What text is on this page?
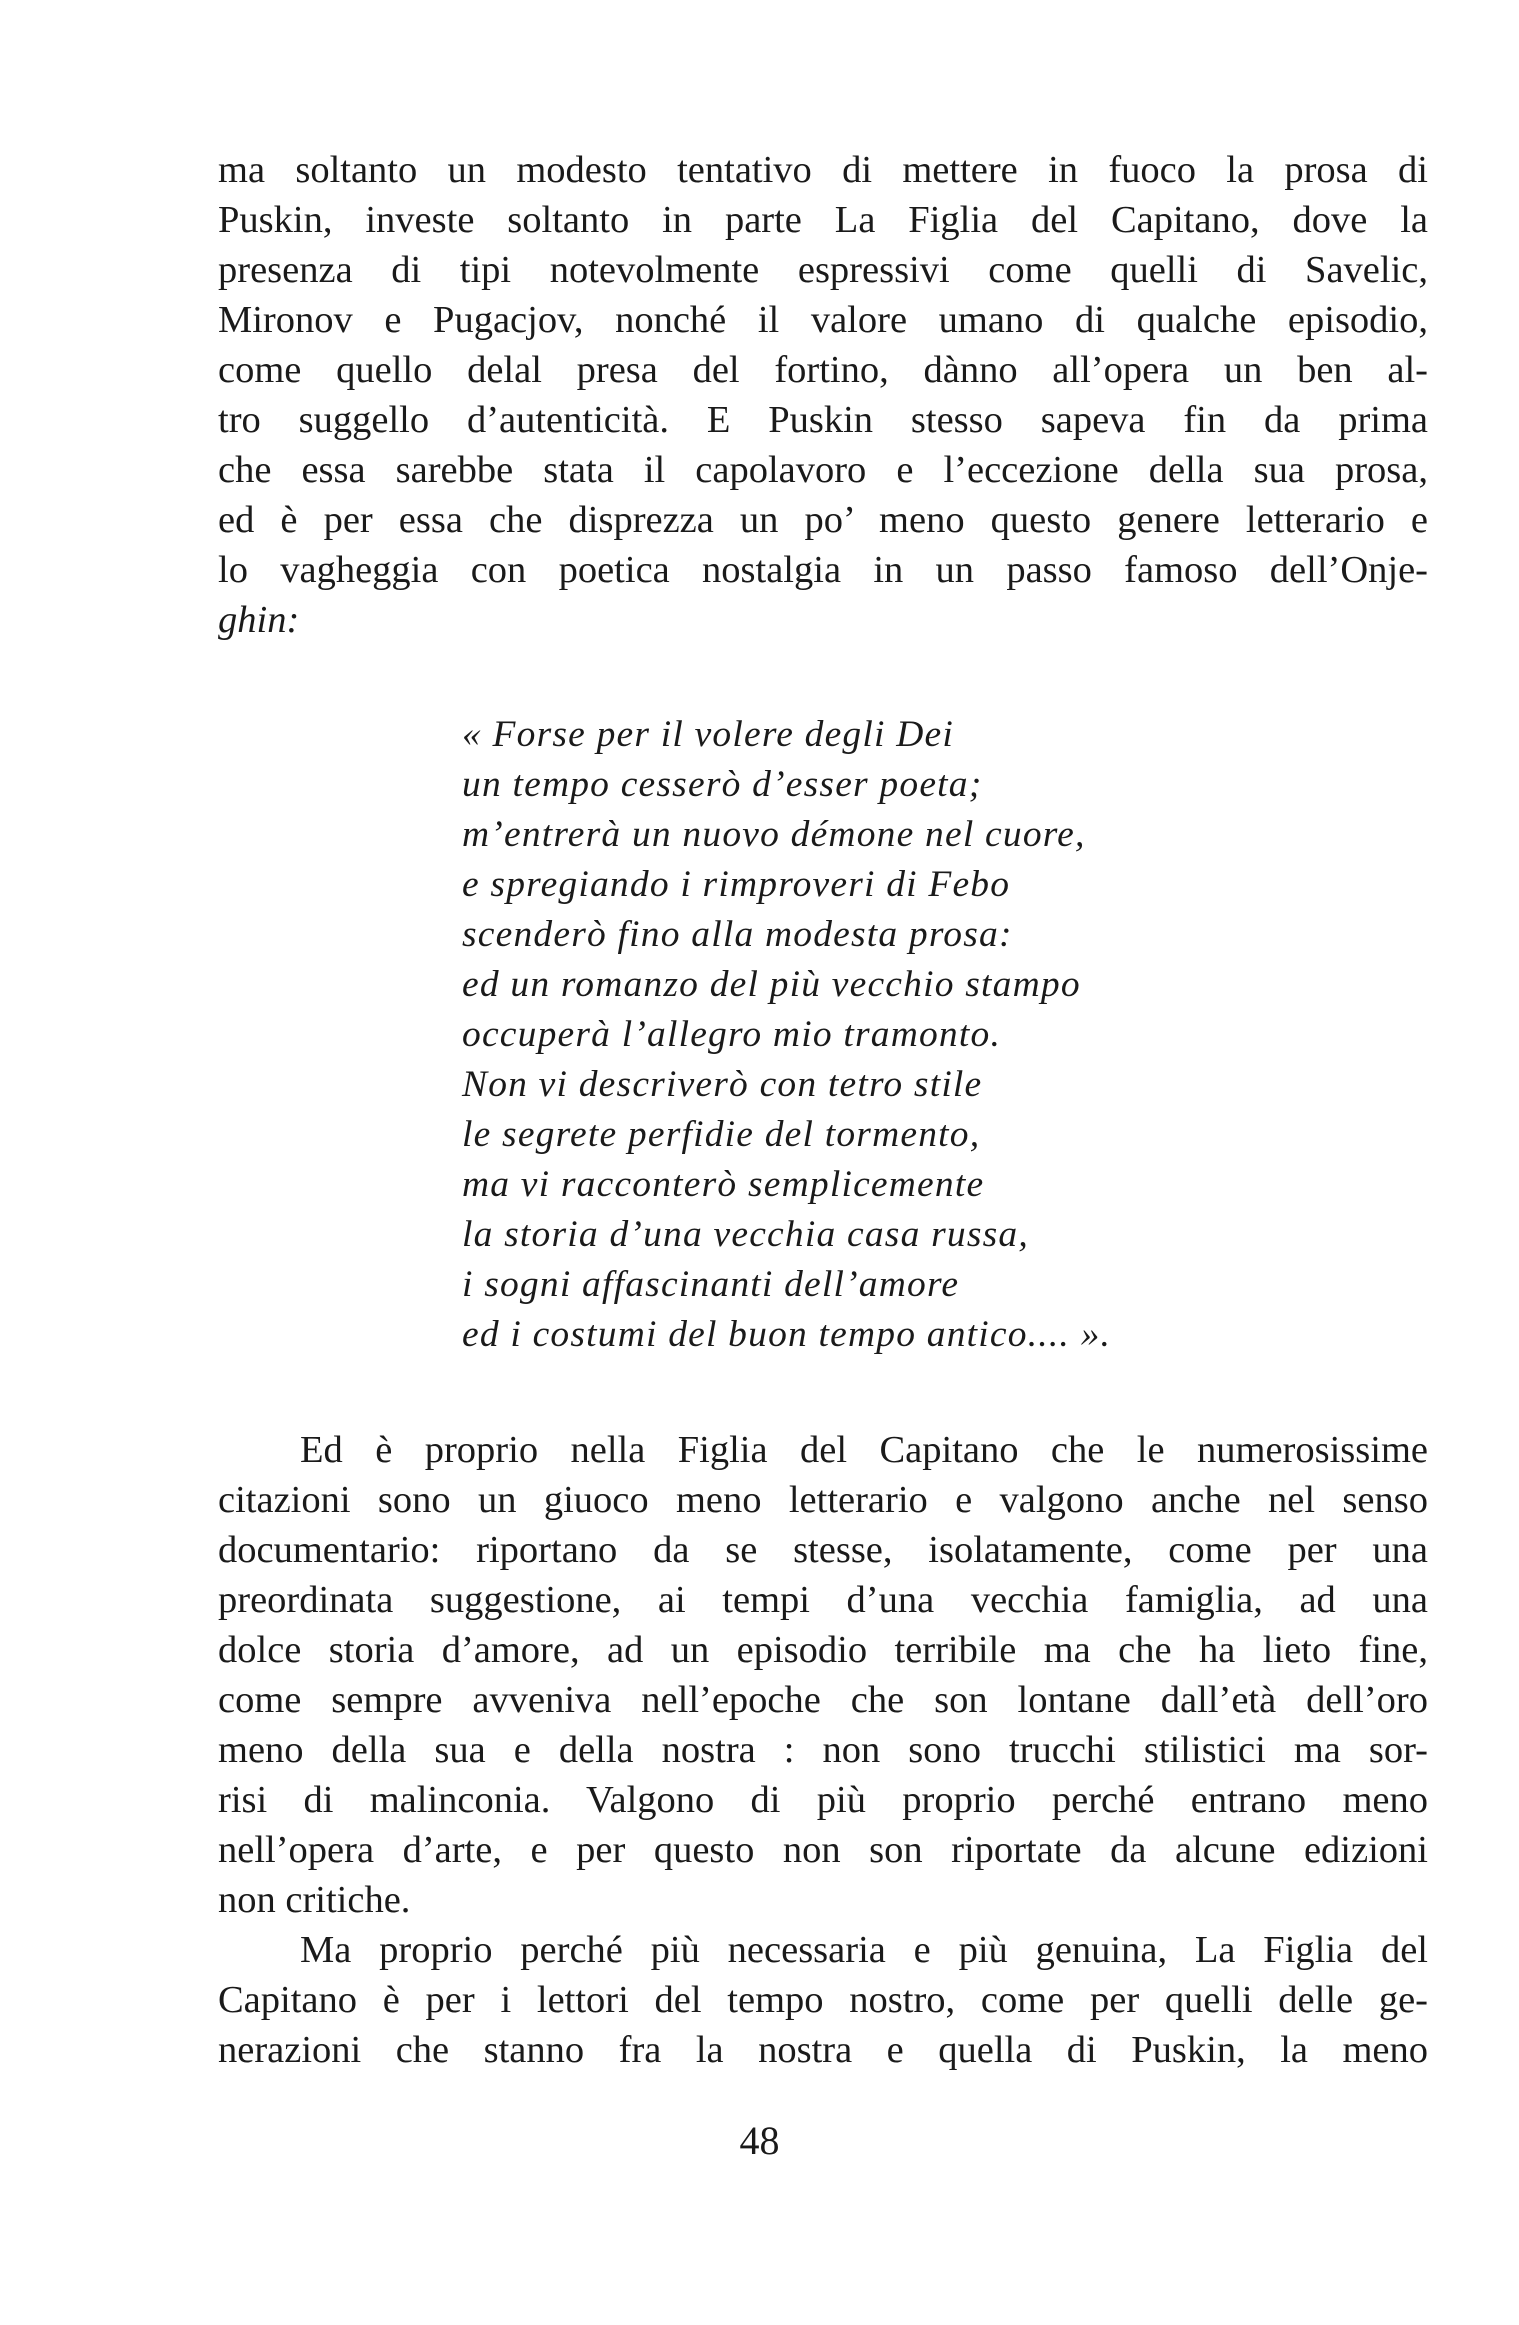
ma soltanto un modesto tentativo di mettere in fuoco la prosa di
Puskin, investe soltanto in parte La Figlia del Capitano, dove la
presenza di tipi notevolmente espressivi come quelli di Savelic,
Mironov e Pugacjov, nonché il valore umano di qualche episodio,
come quello delal presa del fortino, dànno all’opera un ben al-
tro suggello d’autenticità. E Puskin stesso sapeva fin da prima
che essa sarebbe stata il capolavoro e l’eccezione della sua prosa,
ed è per essa che disprezza un po’ meno questo genere letterario e
lo vagheggia con poetica nostalgia in un passo famoso dell’Onje-
ghin:
« Forse per il volere degli Dei
un tempo cesserò d’esser poeta;
m’entrerà un nuovo démone nel cuore,
e spregiando i rimproveri di Febo
scenderò fino alla modesta prosa:
ed un romanzo del più vecchio stampo
occuperà l’allegro mio tramonto.
Non vi descriverò con tetro stile
le segrete perfidie del tormento,
ma vi racconterò semplicemente
la storia d’una vecchia casa russa,
i sogni affascinanti dell’amore
ed i costumi del buon tempo antico.... ».
Ed è proprio nella Figlia del Capitano che le numerosissime
citazioni sono un giuoco meno letterario e valgono anche nel senso
documentario: riportano da se stesse, isolatamente, come per una
preordinata suggestione, ai tempi d’una vecchia famiglia, ad una
dolce storia d’amore, ad un episodio terribile ma che ha lieto fine,
come sempre avveniva nell’epoche che son lontane dall’età dell’oro
meno della sua e della nostra : non sono trucchi stilistici ma sor-
risi di malinconia. Valgono di più proprio perché entrano meno
nell’opera d’arte, e per questo non son riportate da alcune edizioni
non critiche.
Ma proprio perché più necessaria e più genuina, La Figlia del
Capitano è per i lettori del tempo nostro, come per quelli delle ge-
nerazioni che stanno fra la nostra e quella di Puskin, la meno
48
